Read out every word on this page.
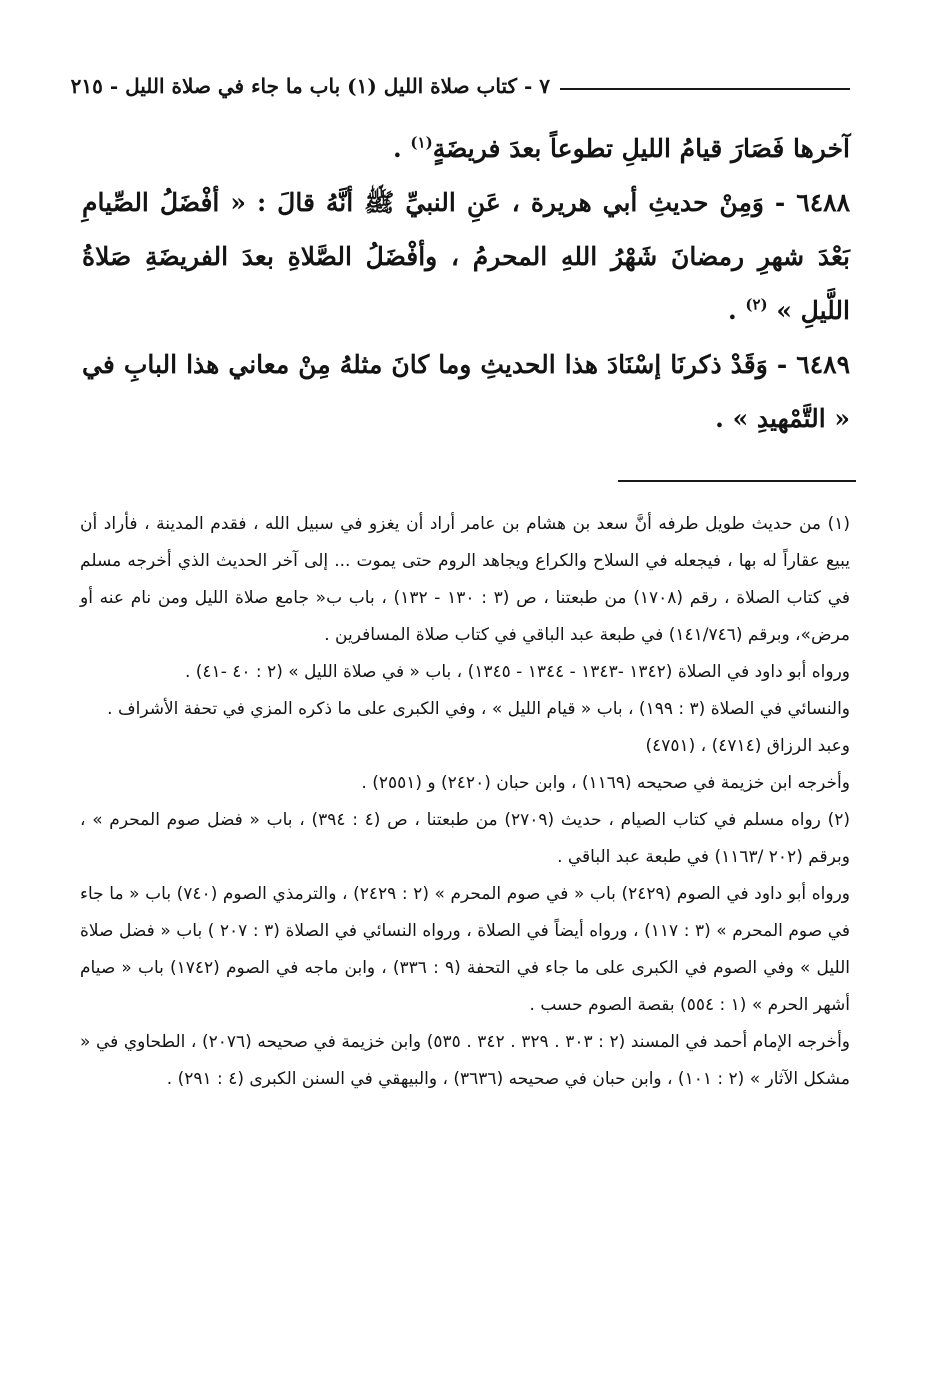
٧ - كتاب صلاة الليل (١) باب ما جاء في صلاة الليل - ٢١٥

آخرها فَصَارَ قيامُ الليلِ تطوعاً بعدَ فريضَةٍ$^{(١)}$ .

٦٤٨٨ - وَمِنْ حديثِ أبي هريرة ، عَنِ النبيِّ ﷺ أنَّهُ قالَ : « أفْضَلُ الصِّيامِ بَعْدَ شهرِ رمضانَ شَهْرُ اللهِ المحرمُ ، وأفْضَلُ الصَّلاةِ بعدَ الفريضَةِ صَلاةُ اللَّيلِ » $^{(٢)}$ .

٦٤٨٩ - وَقَدْ ذكرنَا إسْنَادَ هذا الحديثِ وما كانَ مثلهُ مِنْ معاني هذا البابِ في « التَّمْهيدِ » .

(١) من حديث طويل طرفه أنَّ سعد بن هشام بن عامر أراد أن يغزو في سبيل الله ، فقدم المدينة ، فأراد أن يبيع عقاراً له بها ، فيجعله في السلاح والكراع ويجاهد الروم حتى يموت ... إلى آخر الحديث الذي أخرجه مسلم في كتاب الصلاة ، رقم (١٧٠٨) من طبعتنا ، ص (٣ : ١٣٠ - ١٣٢) ، باب ب« جامع صلاة الليل ومن نام عنه أو مرض»، وبرقم (١٤١/٧٤٦) في طبعة عبد الباقي في كتاب صلاة المسافرين .

ورواه أبو داود في الصلاة (١٣٤٢ -١٣٤٣ - ١٣٤٤ - ١٣٤٥) ، باب « في صلاة الليل » (٢ : ٤٠ -٤١) .

والنسائي في الصلاة (٣ : ١٩٩) ، باب « قيام الليل » ، وفي الكبرى على ما ذكره المزي في تحفة الأشراف .

وعبد الرزاق (٤٧١٤) ، (٤٧٥١)

وأخرجه ابن خزيمة في صحيحه (١١٦٩) ، وابن حبان (٢٤٢٠) و (٢٥٥١) .

(٢) رواه مسلم في كتاب الصيام ، حديث (٢٧٠٩) من طبعتنا ، ص (٤ : ٣٩٤) ، باب « فضل صوم المحرم » ، وبرقم (٢٠٢ /١١٦٣) في طبعة عبد الباقي .

ورواه أبو داود في الصوم (٢٤٢٩) باب « في صوم المحرم » (٢ : ٢٤٢٩) ، والترمذي الصوم (٧٤٠) باب « ما جاء في صوم المحرم » (٣ : ١١٧) ، ورواه أيضاً في الصلاة ، ورواه النسائي في الصلاة (٣ : ٢٠٧ ) باب « فضل صلاة الليل » وفي الصوم في الكبرى على ما جاء في التحفة (٩ : ٣٣٦) ، وابن ماجه في الصوم (١٧٤٢) باب « صيام أشهر الحرم » (١ : ٥٥٤) بقصة الصوم حسب .

وأخرجه الإمام أحمد في المسند (٢ : ٣٠٣ . ٣٢٩ . ٣٤٢ . ٥٣٥) وابن خزيمة في صحيحه (٢٠٧٦) ، الطحاوي في « مشكل الآثار » (٢ : ١٠١) ، وابن حبان في صحيحه (٣٦٣٦) ، والبيهقي في السنن الكبرى (٤ : ٢٩١) .
